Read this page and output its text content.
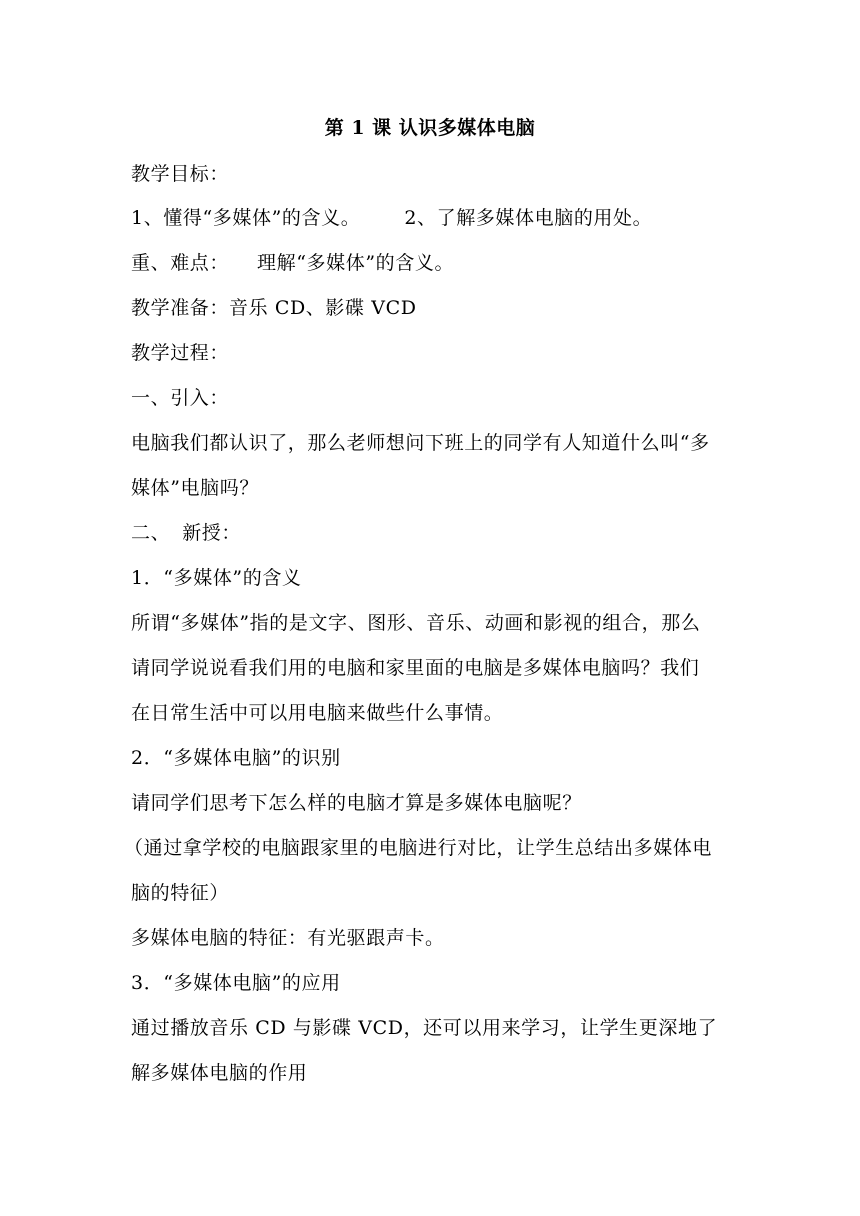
第 1 课 认识多媒体电脑
教学目标：
1、懂得“多媒体”的含义。 2、了解多媒体电脑的用处。
重、难点： 理解“多媒体”的含义。
教学准备：音乐 CD、影碟 VCD
教学过程：
一、引入：
电脑我们都认识了，那么老师想问下班上的同学有人知道什么叫“多
媒体”电脑吗？
二、 新授：
1．“多媒体”的含义
所谓“多媒体”指的是文字、图形、音乐、动画和影视的组合，那么
请同学说说看我们用的电脑和家里面的电脑是多媒体电脑吗？我们
在日常生活中可以用电脑来做些什么事情。
2．“多媒体电脑”的识别
请同学们思考下怎么样的电脑才算是多媒体电脑呢？
（通过拿学校的电脑跟家里的电脑进行对比，让学生总结出多媒体电
脑的特征）
多媒体电脑的特征：有光驱跟声卡。
3．“多媒体电脑”的应用
通过播放音乐 CD 与影碟 VCD，还可以用来学习，让学生更深地了
解多媒体电脑的作用
